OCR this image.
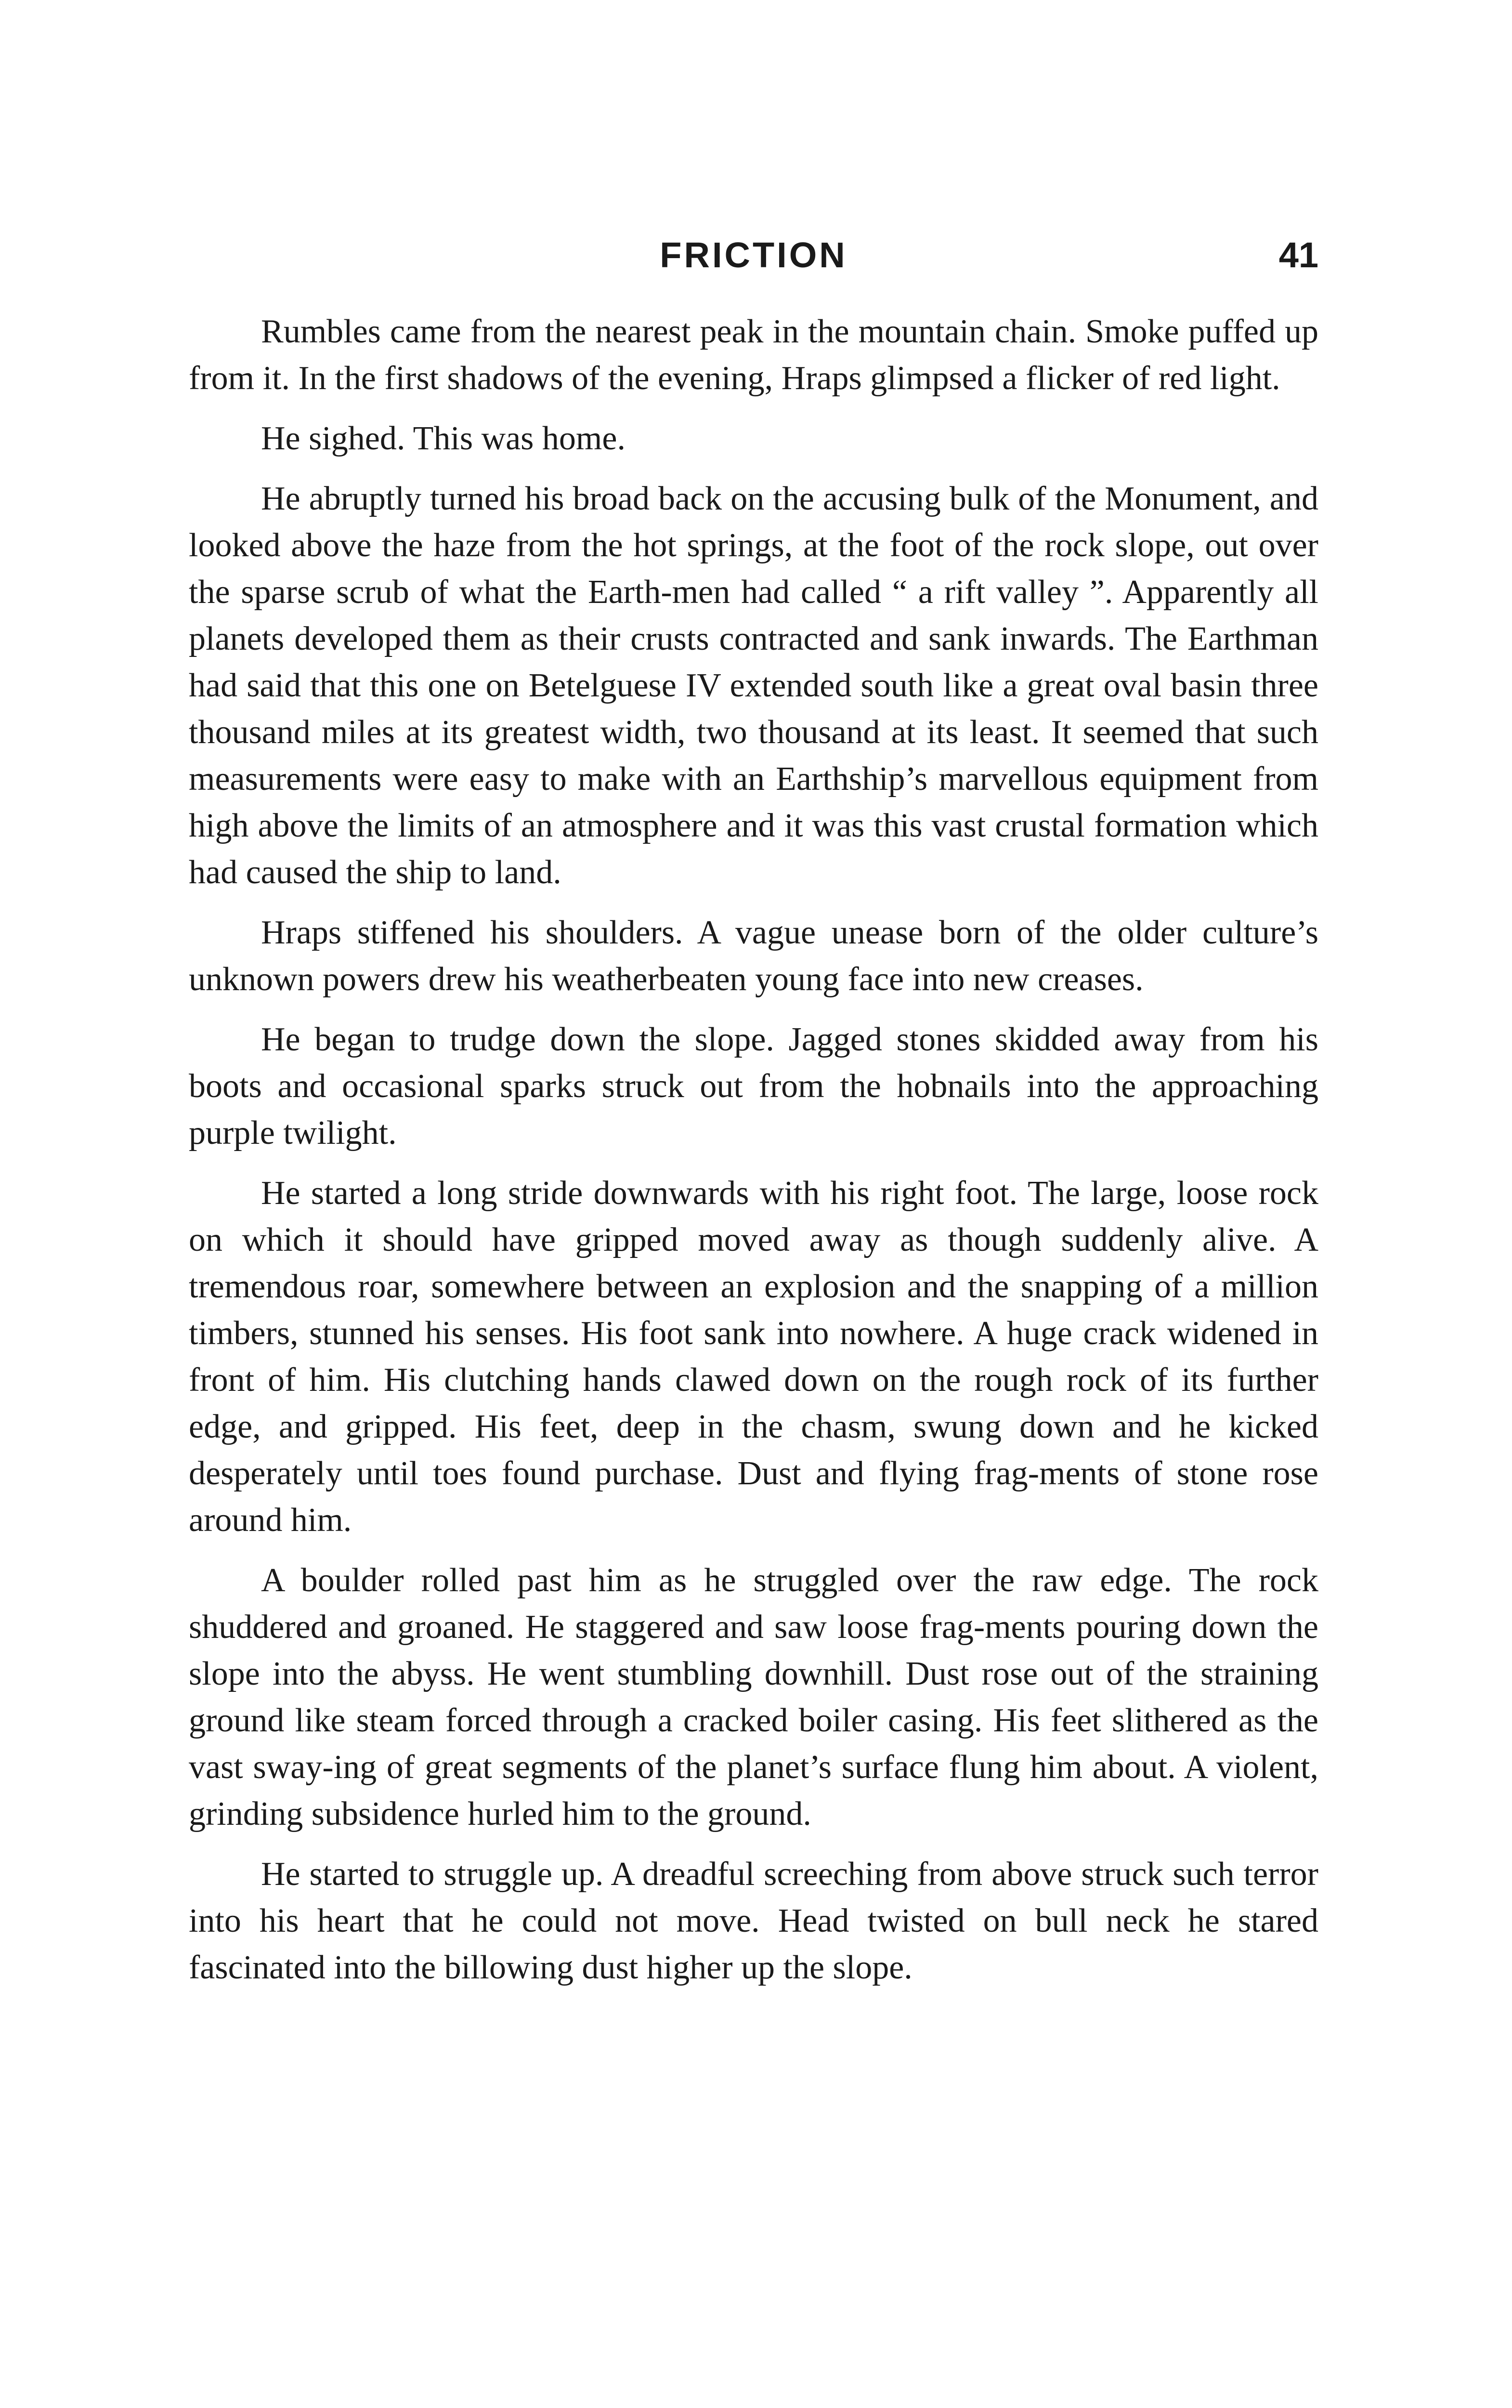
FRICTION	41

Rumbles came from the nearest peak in the mountain chain. Smoke puffed up from it. In the first shadows of the evening, Hraps glimpsed a flicker of red light.

He sighed. This was home.

He abruptly turned his broad back on the accusing bulk of the Monument, and looked above the haze from the hot springs, at the foot of the rock slope, out over the sparse scrub of what the Earth-men had called “ a rift valley ”. Apparently all planets developed them as their crusts contracted and sank inwards. The Earthman had said that this one on Betelguese IV extended south like a great oval basin three thousand miles at its greatest width, two thousand at its least. It seemed that such measurements were easy to make with an Earthship’s marvellous equipment from high above the limits of an atmosphere and it was this vast crustal formation which had caused the ship to land.

Hraps stiffened his shoulders. A vague unease born of the older culture’s unknown powers drew his weatherbeaten young face into new creases.

He began to trudge down the slope. Jagged stones skidded away from his boots and occasional sparks struck out from the hobnails into the approaching purple twilight.

He started a long stride downwards with his right foot. The large, loose rock on which it should have gripped moved away as though suddenly alive. A tremendous roar, somewhere between an explosion and the snapping of a million timbers, stunned his senses. His foot sank into nowhere. A huge crack widened in front of him. His clutching hands clawed down on the rough rock of its further edge, and gripped. His feet, deep in the chasm, swung down and he kicked desperately until toes found purchase. Dust and flying frag-ments of stone rose around him.

A boulder rolled past him as he struggled over the raw edge. The rock shuddered and groaned. He staggered and saw loose frag-ments pouring down the slope into the abyss. He went stumbling downhill. Dust rose out of the straining ground like steam forced through a cracked boiler casing. His feet slithered as the vast sway-ing of great segments of the planet’s surface flung him about. A violent, grinding subsidence hurled him to the ground.

He started to struggle up. A dreadful screeching from above struck such terror into his heart that he could not move. Head twisted on bull neck he stared fascinated into the billowing dust higher up the slope.
